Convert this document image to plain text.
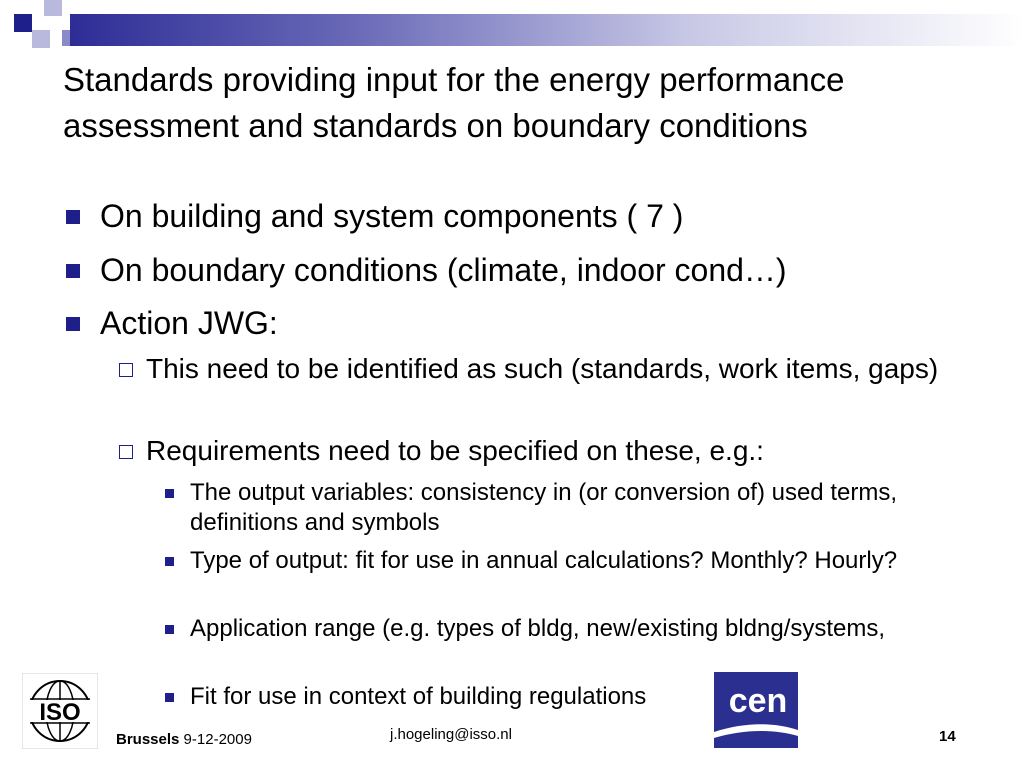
Standards providing input for the energy performance assessment and standards on boundary conditions

On building and system components ( 7 )

On boundary conditions (climate, indoor cond…)

Action JWG:

This need to be identified as such (standards, work items, gaps)

Requirements need to be specified on these, e.g.:

The output variables: consistency in (or conversion of) used terms, definitions and symbols

Type of output: fit for use in annual calculations? Monthly? Hourly?

Application range (e.g. types of bldg, new/existing bldng/systems,

Fit for use in context of building regulations

ISO
Brussels 9-12-2009	j.hogeling@isso.nl
cen
14
